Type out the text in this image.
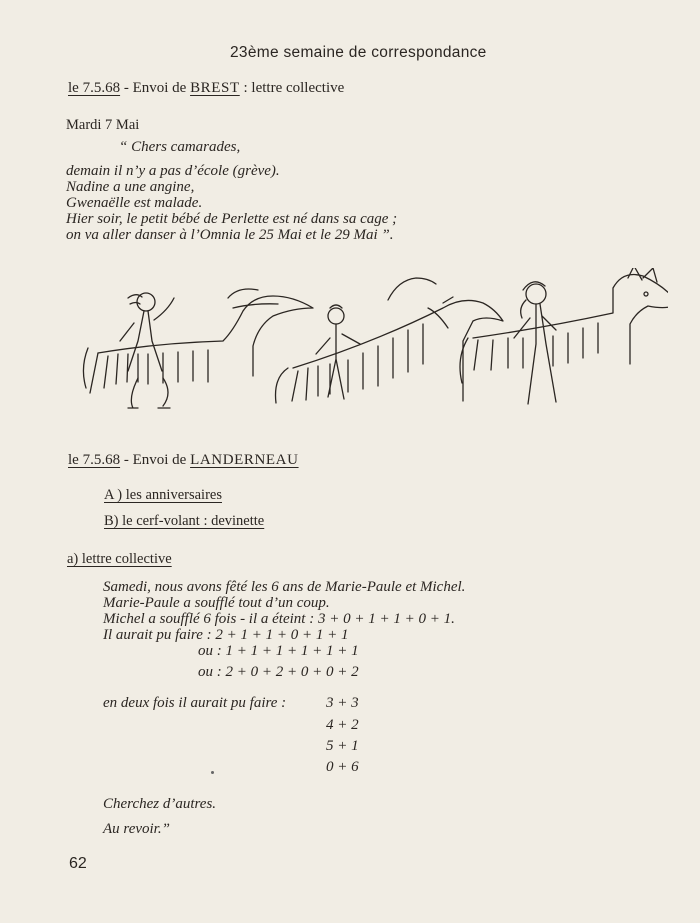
23ème semaine de correspondance
le 7.5.68 - Envoi de BREST : lettre collective
Mardi 7 Mai
“ Chers camarades,
demain il n’y a pas d’école (grève).
Nadine a une angine,
Gwenaëlle est malade.
Hier soir, le petit bébé de Perlette est né dans sa cage ;
on va aller danser à l’Omnia le 25 Mai et le 29 Mai ”.
le 7.5.68 - Envoi de LANDERNEAU
A ) les anniversaires
B) le cerf-volant : devinette
a) lettre collective
Samedi, nous avons fêté les 6 ans de Marie-Paule et Michel.
Marie-Paule a soufflé tout d’un coup.
Michel a soufflé 6 fois - il a éteint : 3 + 0 + 1 + 1 + 0 + 1.
Il aurait pu faire : 2 + 1 + 1 + 0 + 1 + 1
ou : 1 + 1 + 1 + 1 + 1 + 1
ou : 2 + 0 + 2 + 0 + 0 + 2
en deux fois il aurait pu faire :	3 + 3
4 + 2
5 + 1
0 + 6
Cherchez d’autres.
Au revoir.”
62
